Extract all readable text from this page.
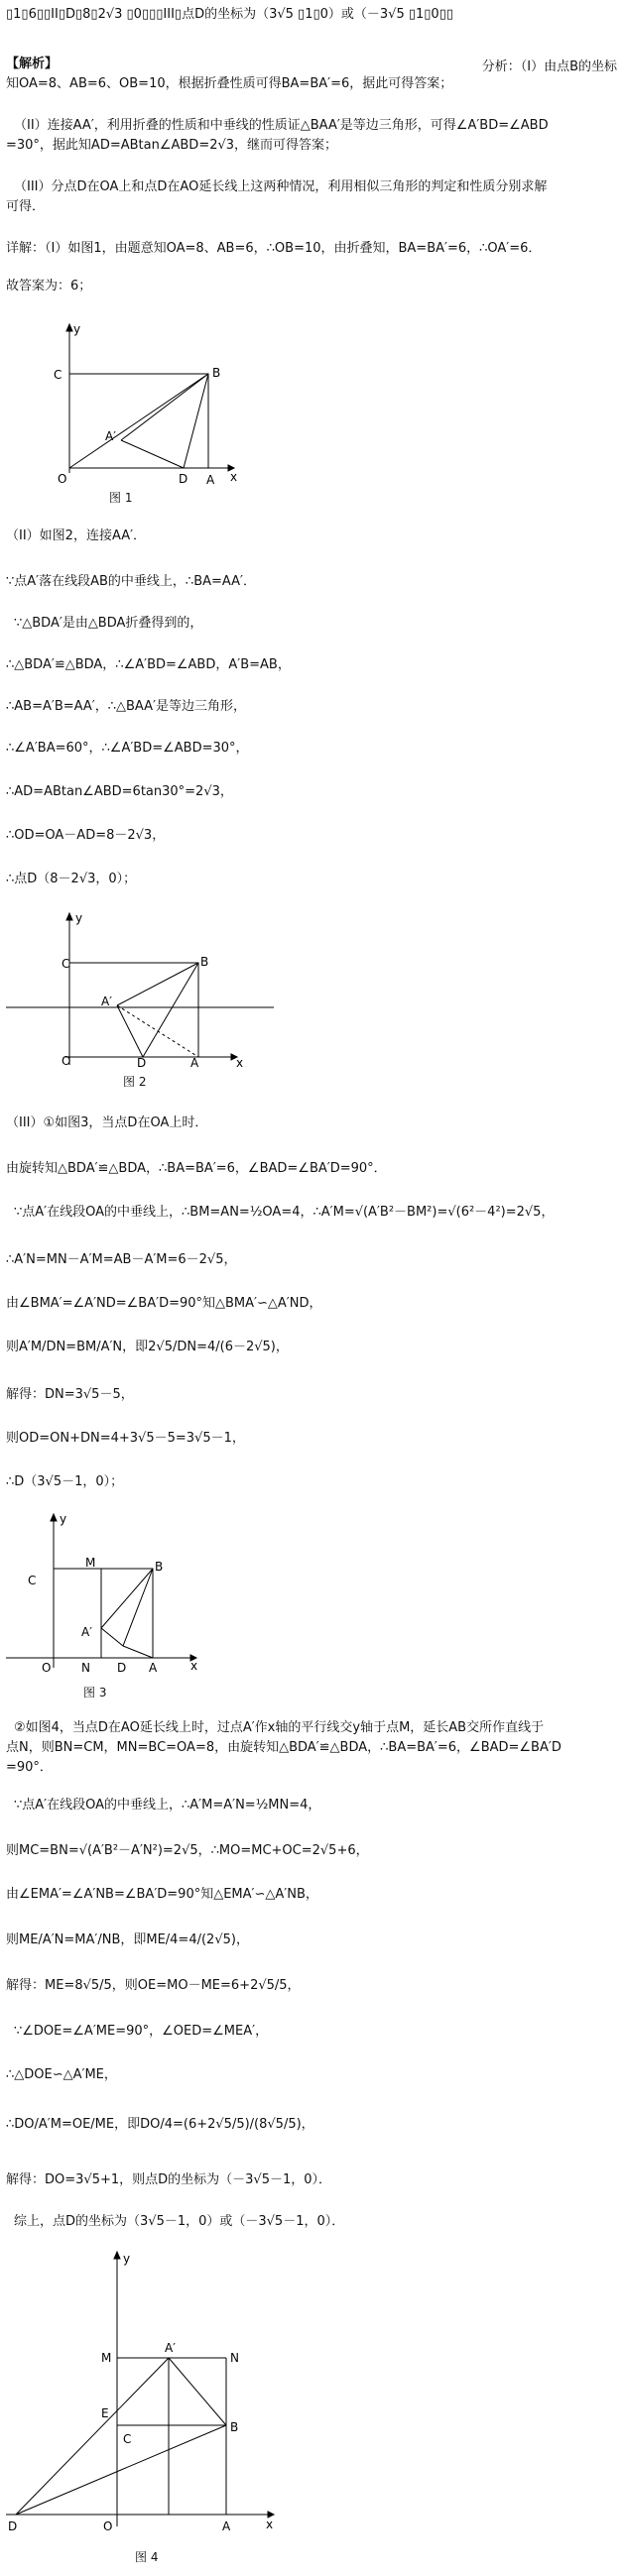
▯1▯6▯▯II▯D▯8▯2√3 ▯0▯▯▯III▯点D的坐标为（3√5 ▯1▯0）或（－3√5 ▯1▯0▯▯
【解析】	分析：（I）由点B的坐标
知OA=8、AB=6、OB=10，根据折叠性质可得BA=BA′=6，据此可得答案；
（II）连接AA′，利用折叠的性质和中垂线的性质证△BAA′是等边三角形，可得∠A′BD=∠ABD
=30°，据此知AD=ABtan∠ABD=2√3，继而可得答案；
（III）分点D在OA上和点D在AO延长线上这两种情况，利用相似三角形的判定和性质分别求解
可得．
详解：（I）如图1，由题意知OA=8、AB=6，∴OB=10，由折叠知，BA=BA′=6，∴OA′=6．
故答案为：6；
y
x
O
C	B
A′
D A
图 1
（II）如图2，连接AA′．
∵点A′落在线段AB的中垂线上，∴BA=AA′．
∵△BDA′是由△BDA折叠得到的，
∴△BDA′≌△BDA，∴∠A′BD=∠ABD，A′B=AB，
∴AB=A′B=AA′，∴△BAA′是等边三角形，
∴∠A′BA=60°，∴∠A′BD=∠ABD=30°，
∴AD=ABtan∠ABD=6tan30°=2√3，
∴OD=OA－AD=8－2√3，
∴点D（8－2√3，0）；
y
x
O
C	B
A′
D	A
图 2
（III）①如图3，当点D在OA上时．
由旋转知△BDA′≌△BDA，∴BA=BA′=6，∠BAD=∠BA′D=90°．
∵点A′在线段OA的中垂线上，∴BM=AN=½OA=4，∴A′M=√(A′B²－BM²)=√(6²－4²)=2√5，
∴A′N=MN－A′M=AB－A′M=6－2√5，
由∠BMA′=∠A′ND=∠BA′D=90°知△BMA′∽△A′ND，
则A′M/DN=BM/A′N，即2√5/DN=4/(6－2√5)，
解得：DN=3√5－5，
则OD=ON+DN=4+3√5－5=3√5－1，
∴D（3√5－1，0）；
y
x
O
C
M	B
A′
N D A
图 3
②如图4，当点D在AO延长线上时，过点A′作x轴的平行线交y轴于点M，延长AB交所作直线于
点N，则BN=CM，MN=BC=OA=8，由旋转知△BDA′≌△BDA，∴BA=BA′=6，∠BAD=∠BA′D
=90°．
∵点A′在线段OA的中垂线上，∴A′M=A′N=½MN=4，
则MC=BN=√(A′B²－A′N²)=2√5，∴MO=MC+OC=2√5+6，
由∠EMA′=∠A′NB=∠BA′D=90°知△EMA′∽△A′NB，
则ME/A′N=MA′/NB，即ME/4=4/(2√5)，
解得：ME=8√5/5，则OE=MO－ME=6+2√5/5，
∵∠DOE=∠A′ME=90°，∠OED=∠MEA′，
∴△DOE∽△A′ME，
∴DO/A′M=OE/ME，即DO/4=(6+2√5/5)/(8√5/5)，
解得：DO=3√5+1，则点D的坐标为（－3√5－1，0）．
综上，点D的坐标为（3√5－1，0）或（－3√5－1，0）．
y
x
M
A′
N
E
C
B
D	O	A
图 4
